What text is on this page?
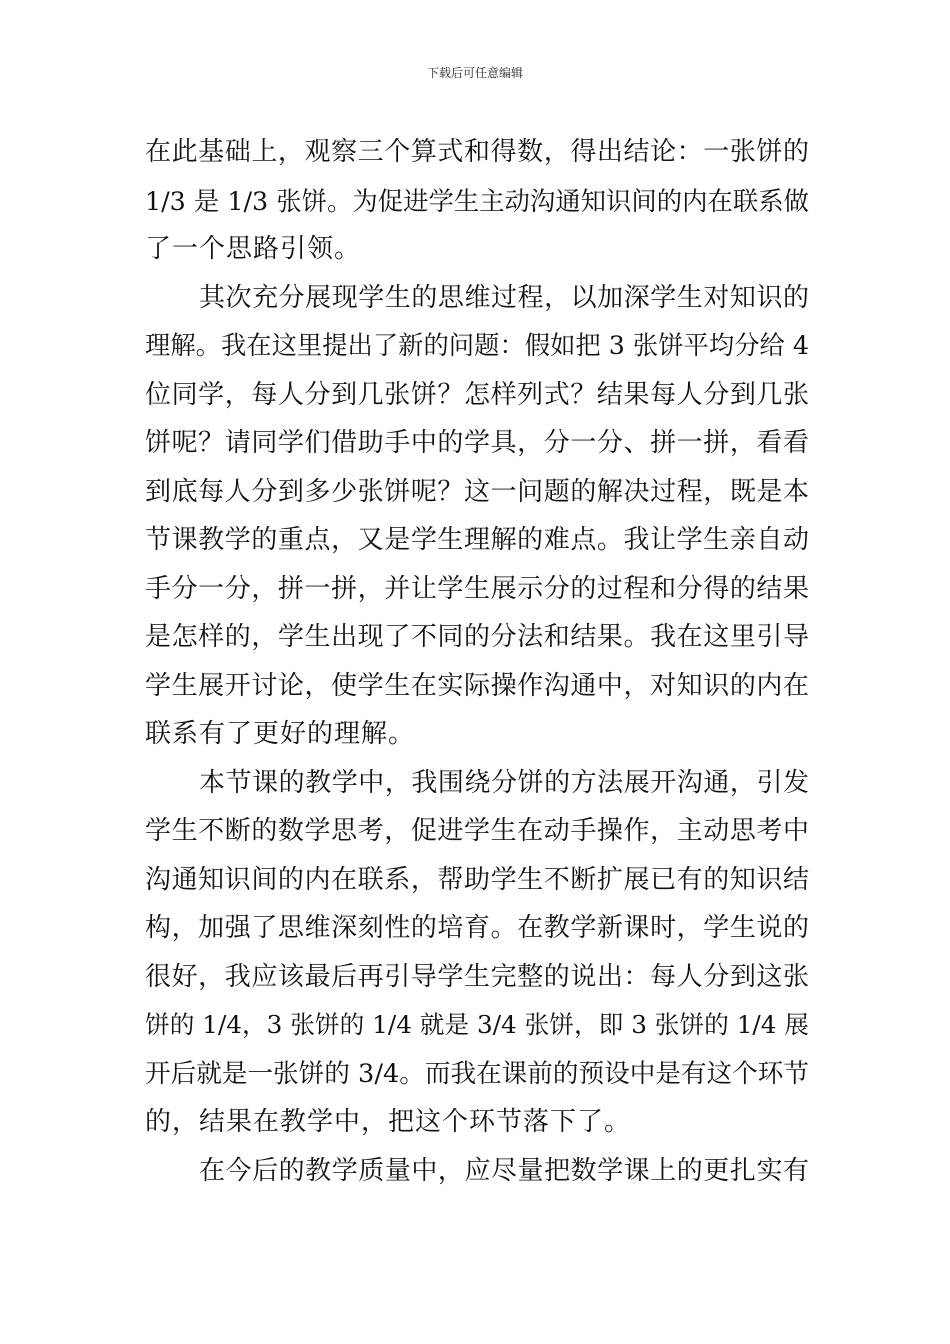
下载后可任意编辑
在此基础上，观察三个算式和得数，得出结论：一张饼的
1/3 是 1/3 张饼。为促进学生主动沟通知识间的内在联系做
了一个思路引领。
其次充分展现学生的思维过程，以加深学生对知识的
理解。我在这里提出了新的问题：假如把 3 张饼平均分给 4
位同学，每人分到几张饼？怎样列式？结果每人分到几张
饼呢？请同学们借助手中的学具，分一分、拼一拼，看看
到底每人分到多少张饼呢？这一问题的解决过程，既是本
节课教学的重点，又是学生理解的难点。我让学生亲自动
手分一分，拼一拼，并让学生展示分的过程和分得的结果
是怎样的，学生出现了不同的分法和结果。我在这里引导
学生展开讨论，使学生在实际操作沟通中，对知识的内在
联系有了更好的理解。
本节课的教学中，我围绕分饼的方法展开沟通，引发
学生不断的数学思考，促进学生在动手操作，主动思考中
沟通知识间的内在联系，帮助学生不断扩展已有的知识结
构，加强了思维深刻性的培育。在教学新课时，学生说的
很好，我应该最后再引导学生完整的说出：每人分到这张
饼的 1/4，3 张饼的 1/4 就是 3/4 张饼，即 3 张饼的 1/4 展
开后就是一张饼的 3/4。而我在课前的预设中是有这个环节
的，结果在教学中，把这个环节落下了。
在今后的教学质量中，应尽量把数学课上的更扎实有
